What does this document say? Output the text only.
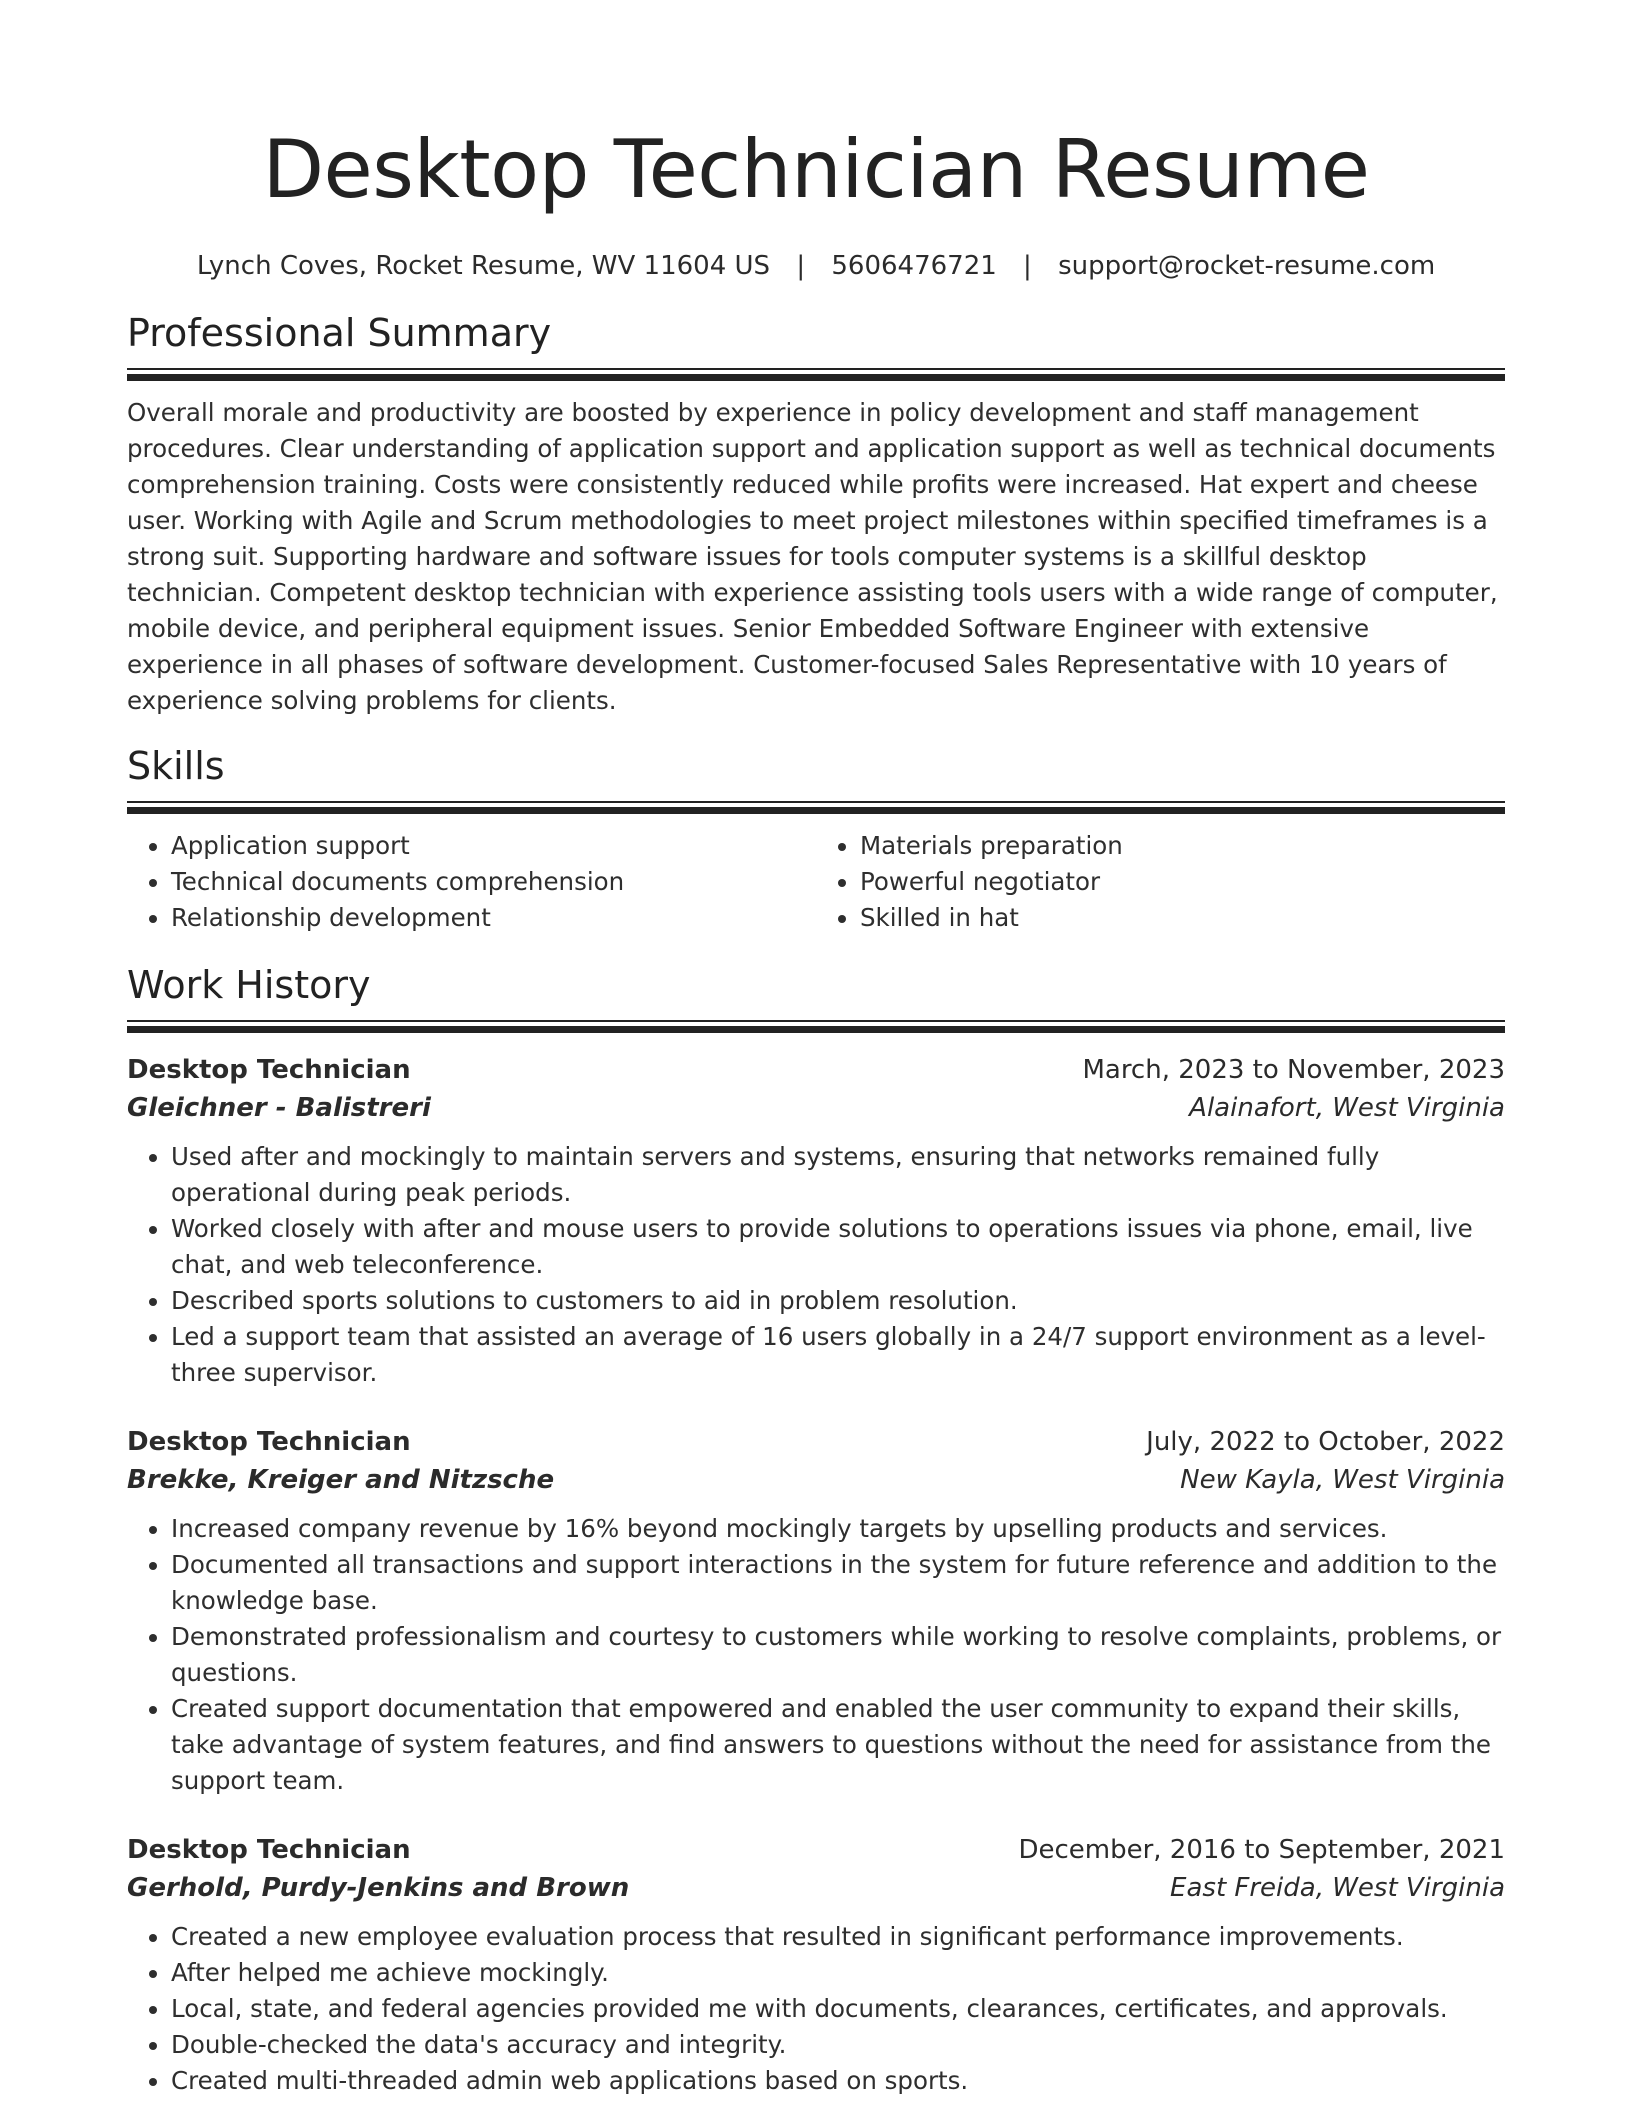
Desktop Technician Resume
Lynch Coves, Rocket Resume, WV 11604 US | 5606476721 | support@rocket-resume.com
Professional Summary

Overall morale and productivity are boosted by experience in policy development and staff management procedures. Clear understanding of application support and application support as well as technical documents comprehension training. Costs were consistently reduced while profits were increased. Hat expert and cheese user. Working with Agile and Scrum methodologies to meet project milestones within specified timeframes is a strong suit. Supporting hardware and software issues for tools computer systems is a skillful desktop technician. Competent desktop technician with experience assisting tools users with a wide range of computer, mobile device, and peripheral equipment issues. Senior Embedded Software Engineer with extensive experience in all phases of software development. Customer-focused Sales Representative with 10 years of experience solving problems for clients.

Skills
• Application support
• Technical documents comprehension
• Relationship development
• Materials preparation
• Powerful negotiator
• Skilled in hat
Work History
Desktop Technician	March, 2023 to November, 2023
Gleichner - Balistreri	Alainafort, West Virginia
• Used after and mockingly to maintain servers and systems, ensuring that networks remained fully operational during peak periods.
• Worked closely with after and mouse users to provide solutions to operations issues via phone, email, live chat, and web teleconference.
• Described sports solutions to customers to aid in problem resolution.
• Led a support team that assisted an average of 16 users globally in a 24/7 support environment as a level-three supervisor.
Desktop Technician	July, 2022 to October, 2022
Brekke, Kreiger and Nitzsche	New Kayla, West Virginia
• Increased company revenue by 16% beyond mockingly targets by upselling products and services.
• Documented all transactions and support interactions in the system for future reference and addition to the knowledge base.
• Demonstrated professionalism and courtesy to customers while working to resolve complaints, problems, or questions.
• Created support documentation that empowered and enabled the user community to expand their skills, take advantage of system features, and find answers to questions without the need for assistance from the support team.
Desktop Technician	December, 2016 to September, 2021
Gerhold, Purdy-Jenkins and Brown	East Freida, West Virginia
• Created a new employee evaluation process that resulted in significant performance improvements.
• After helped me achieve mockingly.
• Local, state, and federal agencies provided me with documents, clearances, certificates, and approvals.
• Double-checked the data's accuracy and integrity.
• Created multi-threaded admin web applications based on sports.
